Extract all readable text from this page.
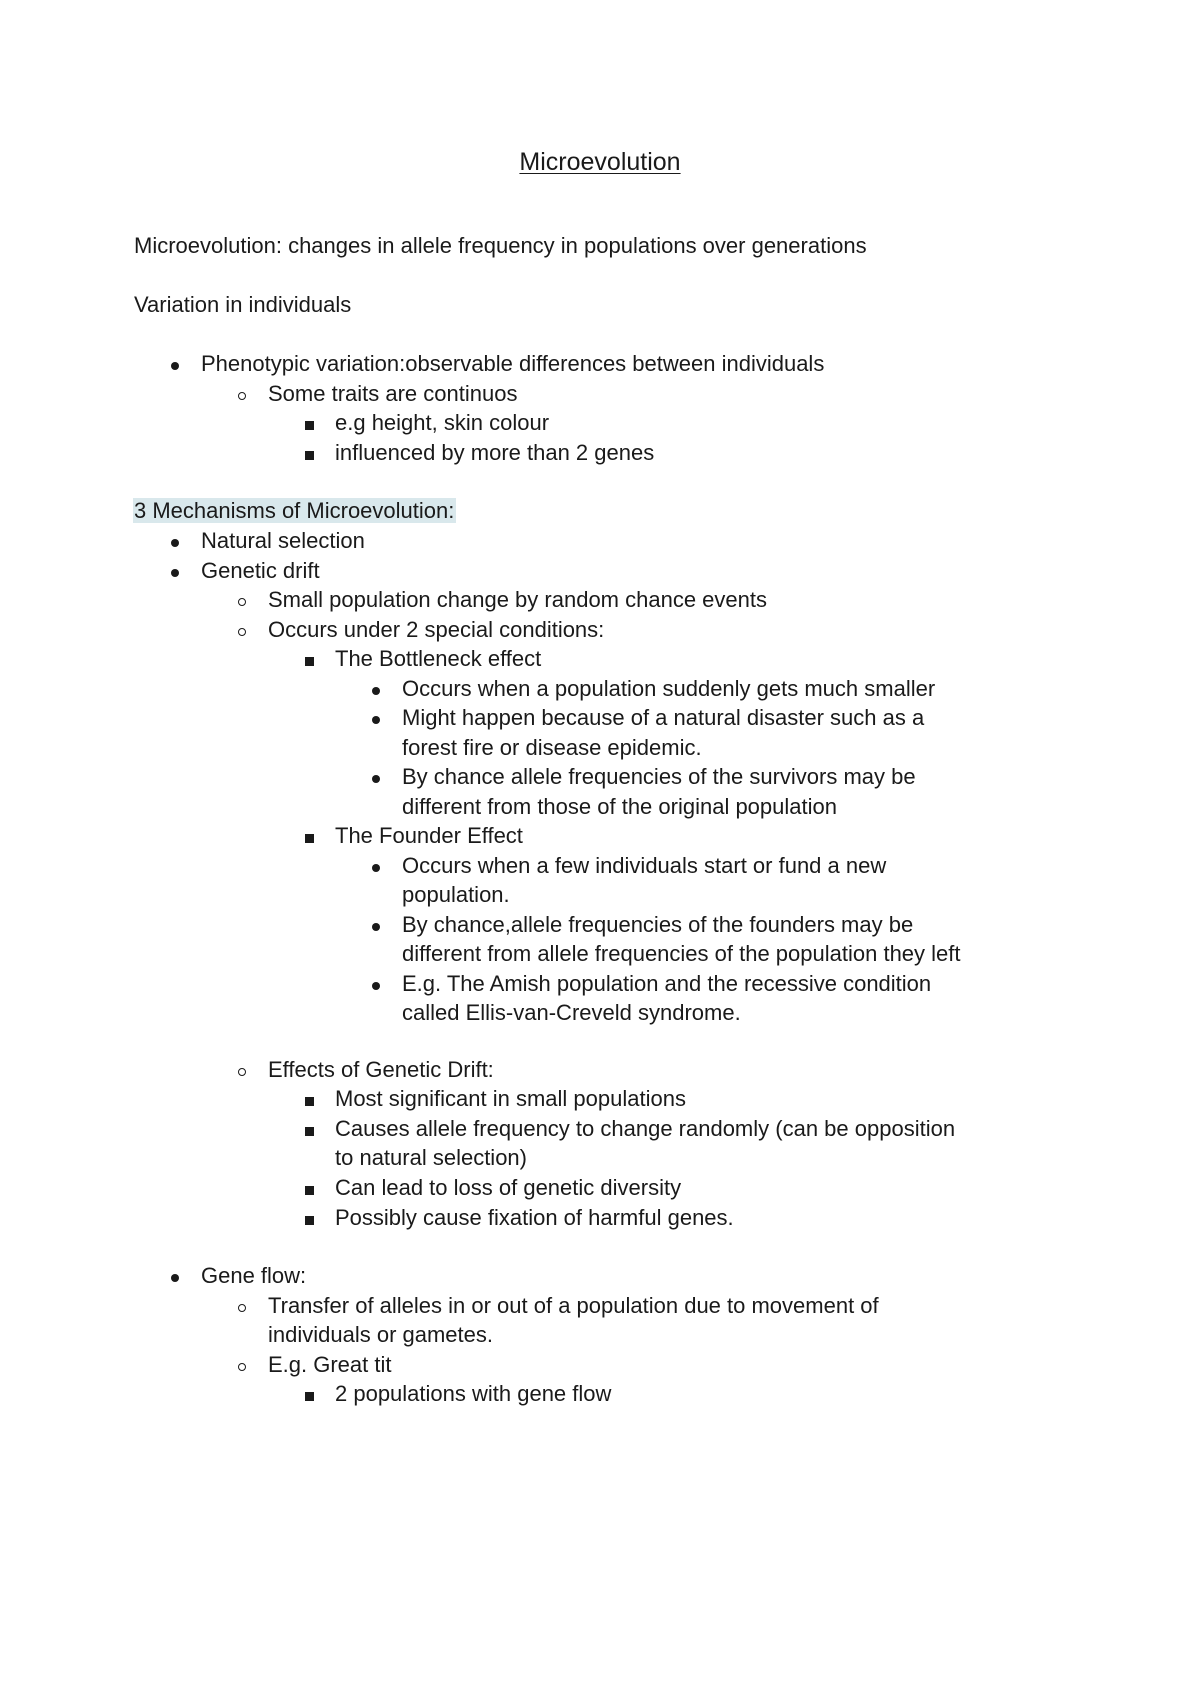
Microevolution
Microevolution: changes in allele frequency in populations over generations
Variation in individuals
Phenotypic variation:observable differences between individuals
Some traits are continuos
e.g height, skin colour
influenced by more than 2 genes
3 Mechanisms of Microevolution:
Natural selection
Genetic drift
Small population change by random chance events
Occurs under 2 special conditions:
The Bottleneck effect
Occurs when a population suddenly gets much smaller
Might happen because of a natural disaster such as a
forest fire or disease epidemic.
By chance allele frequencies of the survivors may be
different from those of the original population
The Founder Effect
Occurs when a few individuals start or fund a new
population.
By chance,allele frequencies of the founders may be
different from allele frequencies of the population they left
E.g. The Amish population and the recessive condition
called Ellis-van-Creveld syndrome.
Effects of Genetic Drift:
Most significant in small populations
Causes allele frequency to change randomly (can be opposition
to natural selection)
Can lead to loss of genetic diversity
Possibly cause fixation of harmful genes.
Gene flow:
Transfer of alleles in or out of a population due to movement of
individuals or gametes.
E.g. Great tit
2 populations with gene flow
